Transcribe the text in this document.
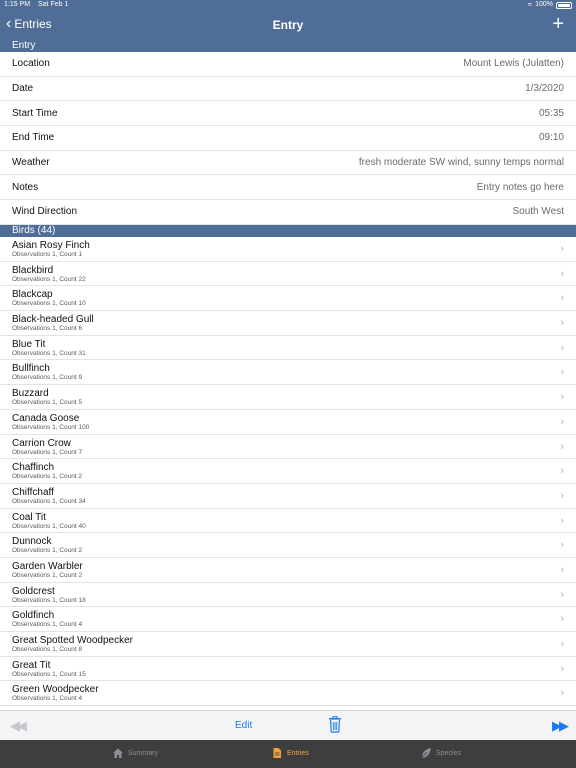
1:15 PM Sat Feb 1	≈ 100%
‹ Entries	Entry	+
Entry
Location	Mount Lewis (Julatten)
Date	1/3/2020
Start Time	05:35
End Time	09:10
Weather	fresh moderate SW wind, sunny temps normal
Notes	Entry notes go here
Wind Direction	South West
Birds (44)
Asian Rosy Finch
Observations 1, Count 1	›
Blackbird
Observations 1, Count 22	›
Blackcap
Observations 1, Count 10	›
Black-headed Gull
Observations 1, Count 6	›
Blue Tit
Observations 1, Count 31	›
Bullfinch
Observations 1, Count 9	›
Buzzard
Observations 1, Count 5	›
Canada Goose
Observations 1, Count 100	›
Carrion Crow
Observations 1, Count 7	›
Chaffinch
Observations 1, Count 2	›
Chiffchaff
Observations 1, Count 34	›
Coal Tit
Observations 1, Count 40	›
Dunnock
Observations 1, Count 2	›
Garden Warbler
Observations 1, Count 2	›
Goldcrest
Observations 1, Count 18	›
Goldfinch
Observations 1, Count 4	›
Great Spotted Woodpecker
Observations 1, Count 8	›
Great Tit
Observations 1, Count 15	›
Green Woodpecker
Observations 1, Count 4	›
◀◀	Edit	▶▶
Summary	Entries	Species
